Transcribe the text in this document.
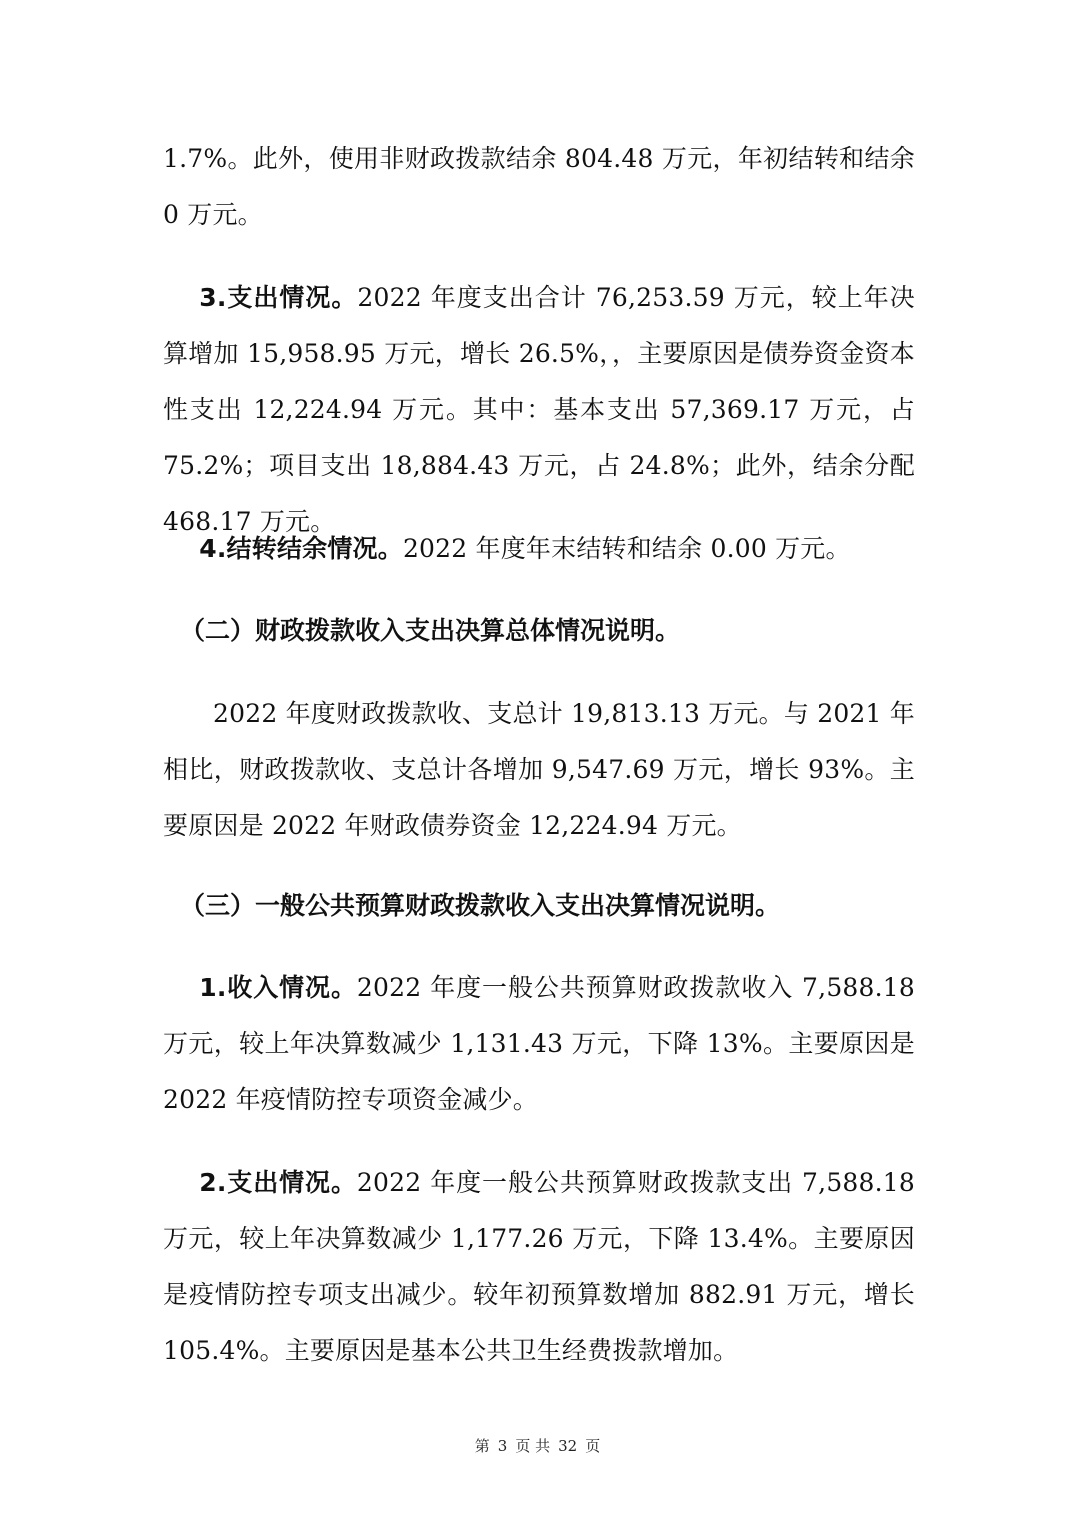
1.7%。此外，使用非财政拨款结余 804.48 万元，年初结转和结余 0 万元。

3.支出情况。2022 年度支出合计 76,253.59 万元，较上年决算增加 15,958.95 万元，增长 26.5%，，主要原因是债券资金资本性支出 12,224.94 万元。其中：基本支出 57,369.17 万元，占 75.2%；项目支出 18,884.43 万元，占 24.8%；此外，结余分配 468.17 万元。

4.结转结余情况。2022 年度年末结转和结余 0.00 万元。

（二）财政拨款收入支出决算总体情况说明。

2022 年度财政拨款收、支总计 19,813.13 万元。与 2021 年相比，财政拨款收、支总计各增加 9,547.69 万元，增长 93%。主要原因是 2022 年财政债券资金 12,224.94 万元。

（三）一般公共预算财政拨款收入支出决算情况说明。

1.收入情况。2022 年度一般公共预算财政拨款收入 7,588.18 万元，较上年决算数减少 1,131.43 万元，下降 13%。主要原因是 2022 年疫情防控专项资金减少。

2.支出情况。2022 年度一般公共预算财政拨款支出 7,588.18 万元，较上年决算数减少 1,177.26 万元，下降 13.4%。主要原因是疫情防控专项支出减少。较年初预算数增加 882.91 万元，增长 105.4%。主要原因是基本公共卫生经费拨款增加。

第 3 页 共 32 页
